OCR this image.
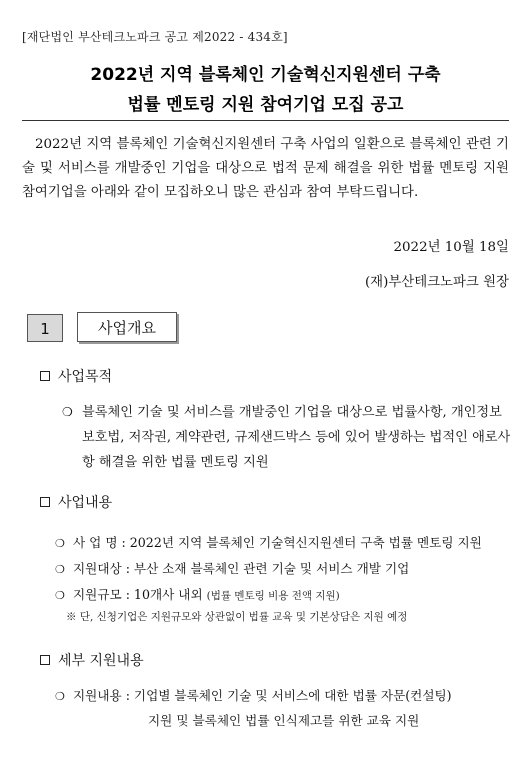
[재단법인 부산테크노파크 공고 제2022 - 434호]
2022년 지역 블록체인 기술혁신지원센터 구축
법률 멘토링 지원 참여기업 모집 공고
2022년 지역 블록체인 기술혁신지원센터 구축 사업의 일환으로 블록체인 관련 기술 및 서비스를 개발중인 기업을 대상으로 법적 문제 해결을 위한 법률 멘토링 지원 참여기업을 아래와 같이 모집하오니 많은 관심과 참여 부탁드립니다.
2022년 10월 18일
(재)부산테크노파크 원장
1	사업개요
사업목적
❍ 블록체인 기술 및 서비스를 개발중인 기업을 대상으로 법률사항, 개인정보보호법, 저작권, 계약관련, 규제샌드박스 등에 있어 발생하는 법적인 애로사항 해결을 위한 법률 멘토링 지원
사업내용
❍ 사 업 명 : 2022년 지역 블록체인 기술혁신지원센터 구축 법률 멘토링 지원
❍ 지원대상 : 부산 소재 블록체인 관련 기술 및 서비스 개발 기업
❍ 지원규모 : 10개사 내외 (법률 멘토링 비용 전액 지원)
※ 단, 신청기업은 지원규모와 상관없이 법률 교육 및 기본상담은 지원 예정
세부 지원내용
❍ 지원내용 : 기업별 블록체인 기술 및 서비스에 대한 법률 자문(컨설팅)
지원 및 블록체인 법률 인식제고를 위한 교육 지원
